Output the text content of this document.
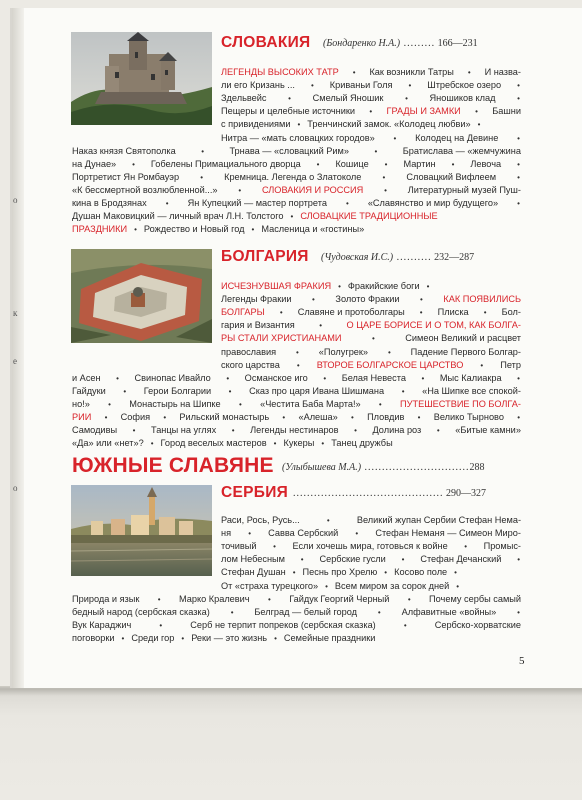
о
к
е
о
СЛОВАКИЯ (Бондаренко Н.А.) ......... 166—231
ЛЕГЕНДЫ ВЫСОКИХ ТАТР • Как возникли Татры • И назва-
ли его Кризань ... • Криваньи Голя • Штребское озеро •
Здельвейс	• Смелый Яношик	• Яношиков клад	•
Пещеры и целебные источники • ГРАДЫ И ЗАМКИ • Башни
с привидениями • Тренчинский замок. «Колодец любви» •
Нитра — «мать словацких городов» • Колодец на Девине •
Наказ князя Святополка	•	Трнава — «словацкий Рим»	•	Братислава — «жемчужина
на Дунае» • Гобелены Примациального дворца • Кошице • Мартин • Левоча •
Портретист Ян Ромбауэр	• Кремница. Легенда о Златоколе	• Словацкий Вифлеем	•
«К бессмертной возлюбленной...»	• СЛОВАКИЯ И РОССИЯ	• Литературный музей Пуш-
кина в Бродзянах • Ян Купецкий — мастер портрета • «Славянство и мир будущего» •
Душан Маковицкий — личный врач Л.Н. Толстого • СЛОВАЦКИЕ ТРАДИЦИОННЫЕ
ПРАЗДНИКИ • Рождество и Новый год • Масленица и «гостины»
БОЛГАРИЯ (Чудовская И.С.) .......... 232—287
ИСЧЕЗНУВШАЯ ФРАКИЯ • Фракийские боги •
Легенды Фракии	• Золото Фракии	• КАК ПОЯВИЛИСЬ
БОЛГАРЫ • Славяне и протоболгары • Плиска • Бол-
гария и Византия	•	О ЦАРЕ БОРИСЕ И О ТОМ, КАК БОЛГА-
РЫ СТАЛИ ХРИСТИАНАМИ	•	Симеон Великий и расцвет
православия • «Полугрек» • Падение Первого Болгар-
ского царства • ВТОРОЕ БОЛГАРСКОЕ ЦАРСТВО • Петр
и Асен • Свинопас Ивайло • Османское иго • Белая Невеста • Мыс Калиакра •
Гайдуки • Герои Болгарии • Сказ про царя Ивана Шишмана • «На Шипке все спокой-
но!» • Монастырь на Шипке • «Честита Баба Марта!» • ПУТЕШЕСТВИЕ ПО БОЛГА-
РИИ • София • Рильский монастырь • «Алеша» • Пловдив • Велико Тырново •
Самодивы • Танцы на углях • Легенды нестинаров • Долина роз • «Битые камни»
«Да» или «нет»? • Город веселых мастеров • Кукеры • Танец дружбы
ЮЖНЫЕ СЛАВЯНЕ (Улыбышева М.А.) ..............................288
СЕРБИЯ ........................................... 290—327
Раси, Рось, Русь...	•	Великий жупан Сербии Стефан Нема-
ня • Савва Сербский • Стефан Неманя — Симеон Миро-
точивый • Если хочешь мира, готовься к войне • Промыс-
лом Небесным • Сербские гусли • Стефан Дечанский •
Стефан Душан • Песнь про Хрелю • Косово поле •
От «страха турецкого» • Всем миром за сорок дней •
Природа и язык • Марко Кралевич • Гайдук Георгий Черный • Почему сербы самый
бедный народ (сербская сказка)	• Белград — белый город	• Алфавитные «войны»	•
Вук Караджич	•	Серб не терпит попреков (сербская сказка)	•	Сербско-хорватские
поговорки • Среди гор • Реки — это жизнь • Семейные праздники
5
